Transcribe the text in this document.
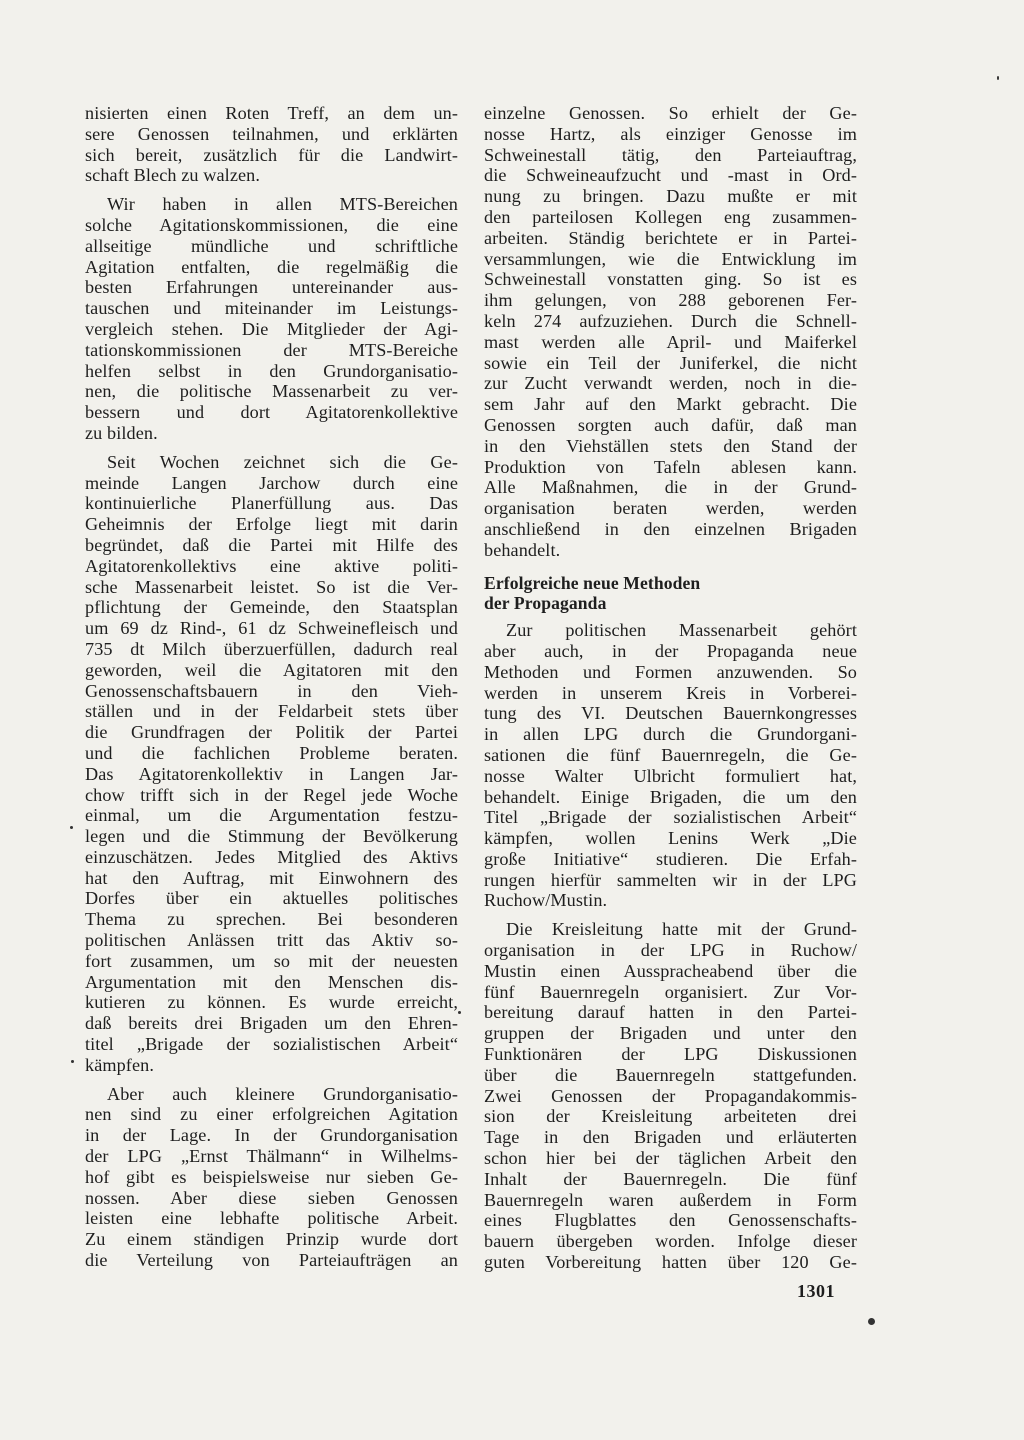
nisierten einen Roten Treff, an dem un-
sere Genossen teilnahmen, und erklärten
sich bereit, zusätzlich für die Landwirt-
schaft Blech zu walzen.
Wir haben in allen MTS-Bereichen
solche Agitationskommissionen, die eine
allseitige mündliche und schriftliche
Agitation entfalten, die regelmäßig die
besten Erfahrungen untereinander aus-
tauschen und miteinander im Leistungs-
vergleich stehen. Die Mitglieder der Agi-
tationskommissionen der MTS-Bereiche
helfen selbst in den Grundorganisatio-
nen, die politische Massenarbeit zu ver-
bessern und dort Agitatorenkollektive
zu bilden.
Seit Wochen zeichnet sich die Ge-
meinde Langen Jarchow durch eine
kontinuierliche Planerfüllung aus. Das
Geheimnis der Erfolge liegt mit darin
begründet, daß die Partei mit Hilfe des
Agitatorenkollektivs eine aktive politi-
sche Massenarbeit leistet. So ist die Ver-
pflichtung der Gemeinde, den Staatsplan
um 69 dz Rind-, 61 dz Schweinefleisch und
735 dt Milch überzuerfüllen, dadurch real
geworden, weil die Agitatoren mit den
Genossenschaftsbauern in den Vieh-
ställen und in der Feldarbeit stets über
die Grundfragen der Politik der Partei
und die fachlichen Probleme beraten.
Das Agitatorenkollektiv in Langen Jar-
chow trifft sich in der Regel jede Woche
einmal, um die Argumentation festzu-
legen und die Stimmung der Bevölkerung
einzuschätzen. Jedes Mitglied des Aktivs
hat den Auftrag, mit Einwohnern des
Dorfes über ein aktuelles politisches
Thema zu sprechen. Bei besonderen
politischen Anlässen tritt das Aktiv so-
fort zusammen, um so mit der neuesten
Argumentation mit den Menschen dis-
kutieren zu können. Es wurde erreicht,
daß bereits drei Brigaden um den Ehren-
titel „Brigade der sozialistischen Arbeit“
kämpfen.
Aber auch kleinere Grundorganisatio-
nen sind zu einer erfolgreichen Agitation
in der Lage. In der Grundorganisation
der LPG „Ernst Thälmann“ in Wilhelms-
hof gibt es beispielsweise nur sieben Ge-
nossen. Aber diese sieben Genossen
leisten eine lebhafte politische Arbeit.
Zu einem ständigen Prinzip wurde dort
die Verteilung von Parteiaufträgen an
einzelne Genossen. So erhielt der Ge-
nosse Hartz, als einziger Genosse im
Schweinestall tätig, den Parteiauftrag,
die Schweineaufzucht und -mast in Ord-
nung zu bringen. Dazu mußte er mit
den parteilosen Kollegen eng zusammen-
arbeiten. Ständig berichtete er in Partei-
versammlungen, wie die Entwicklung im
Schweinestall vonstatten ging. So ist es
ihm gelungen, von 288 geborenen Fer-
keln 274 aufzuziehen. Durch die Schnell-
mast werden alle April- und Maiferkel
sowie ein Teil der Juniferkel, die nicht
zur Zucht verwandt werden, noch in die-
sem Jahr auf den Markt gebracht. Die
Genossen sorgten auch dafür, daß man
in den Viehställen stets den Stand der
Produktion von Tafeln ablesen kann.
Alle Maßnahmen, die in der Grund-
organisation beraten werden, werden
anschließend in den einzelnen Brigaden
behandelt.
Erfolgreiche neue Methoden
der Propaganda
Zur politischen Massenarbeit gehört
aber auch, in der Propaganda neue
Methoden und Formen anzuwenden. So
werden in unserem Kreis in Vorberei-
tung des VI. Deutschen Bauernkongresses
in allen LPG durch die Grundorgani-
sationen die fünf Bauernregeln, die Ge-
nosse Walter Ulbricht formuliert hat,
behandelt. Einige Brigaden, die um den
Titel „Brigade der sozialistischen Arbeit“
kämpfen, wollen Lenins Werk „Die
große Initiative“ studieren. Die Erfah-
rungen hierfür sammelten wir in der LPG
Ruchow/Mustin.
Die Kreisleitung hatte mit der Grund-
organisation in der LPG in Ruchow/
Mustin einen Ausspracheabend über die
fünf Bauernregeln organisiert. Zur Vor-
bereitung darauf hatten in den Partei-
gruppen der Brigaden und unter den
Funktionären der LPG Diskussionen
über die Bauernregeln stattgefunden.
Zwei Genossen der Propagandakommis-
sion der Kreisleitung arbeiteten drei
Tage in den Brigaden und erläuterten
schon hier bei der täglichen Arbeit den
Inhalt der Bauernregeln. Die fünf
Bauernregeln waren außerdem in Form
eines Flugblattes den Genossenschafts-
bauern übergeben worden. Infolge dieser
guten Vorbereitung hatten über 120 Ge-
1301
